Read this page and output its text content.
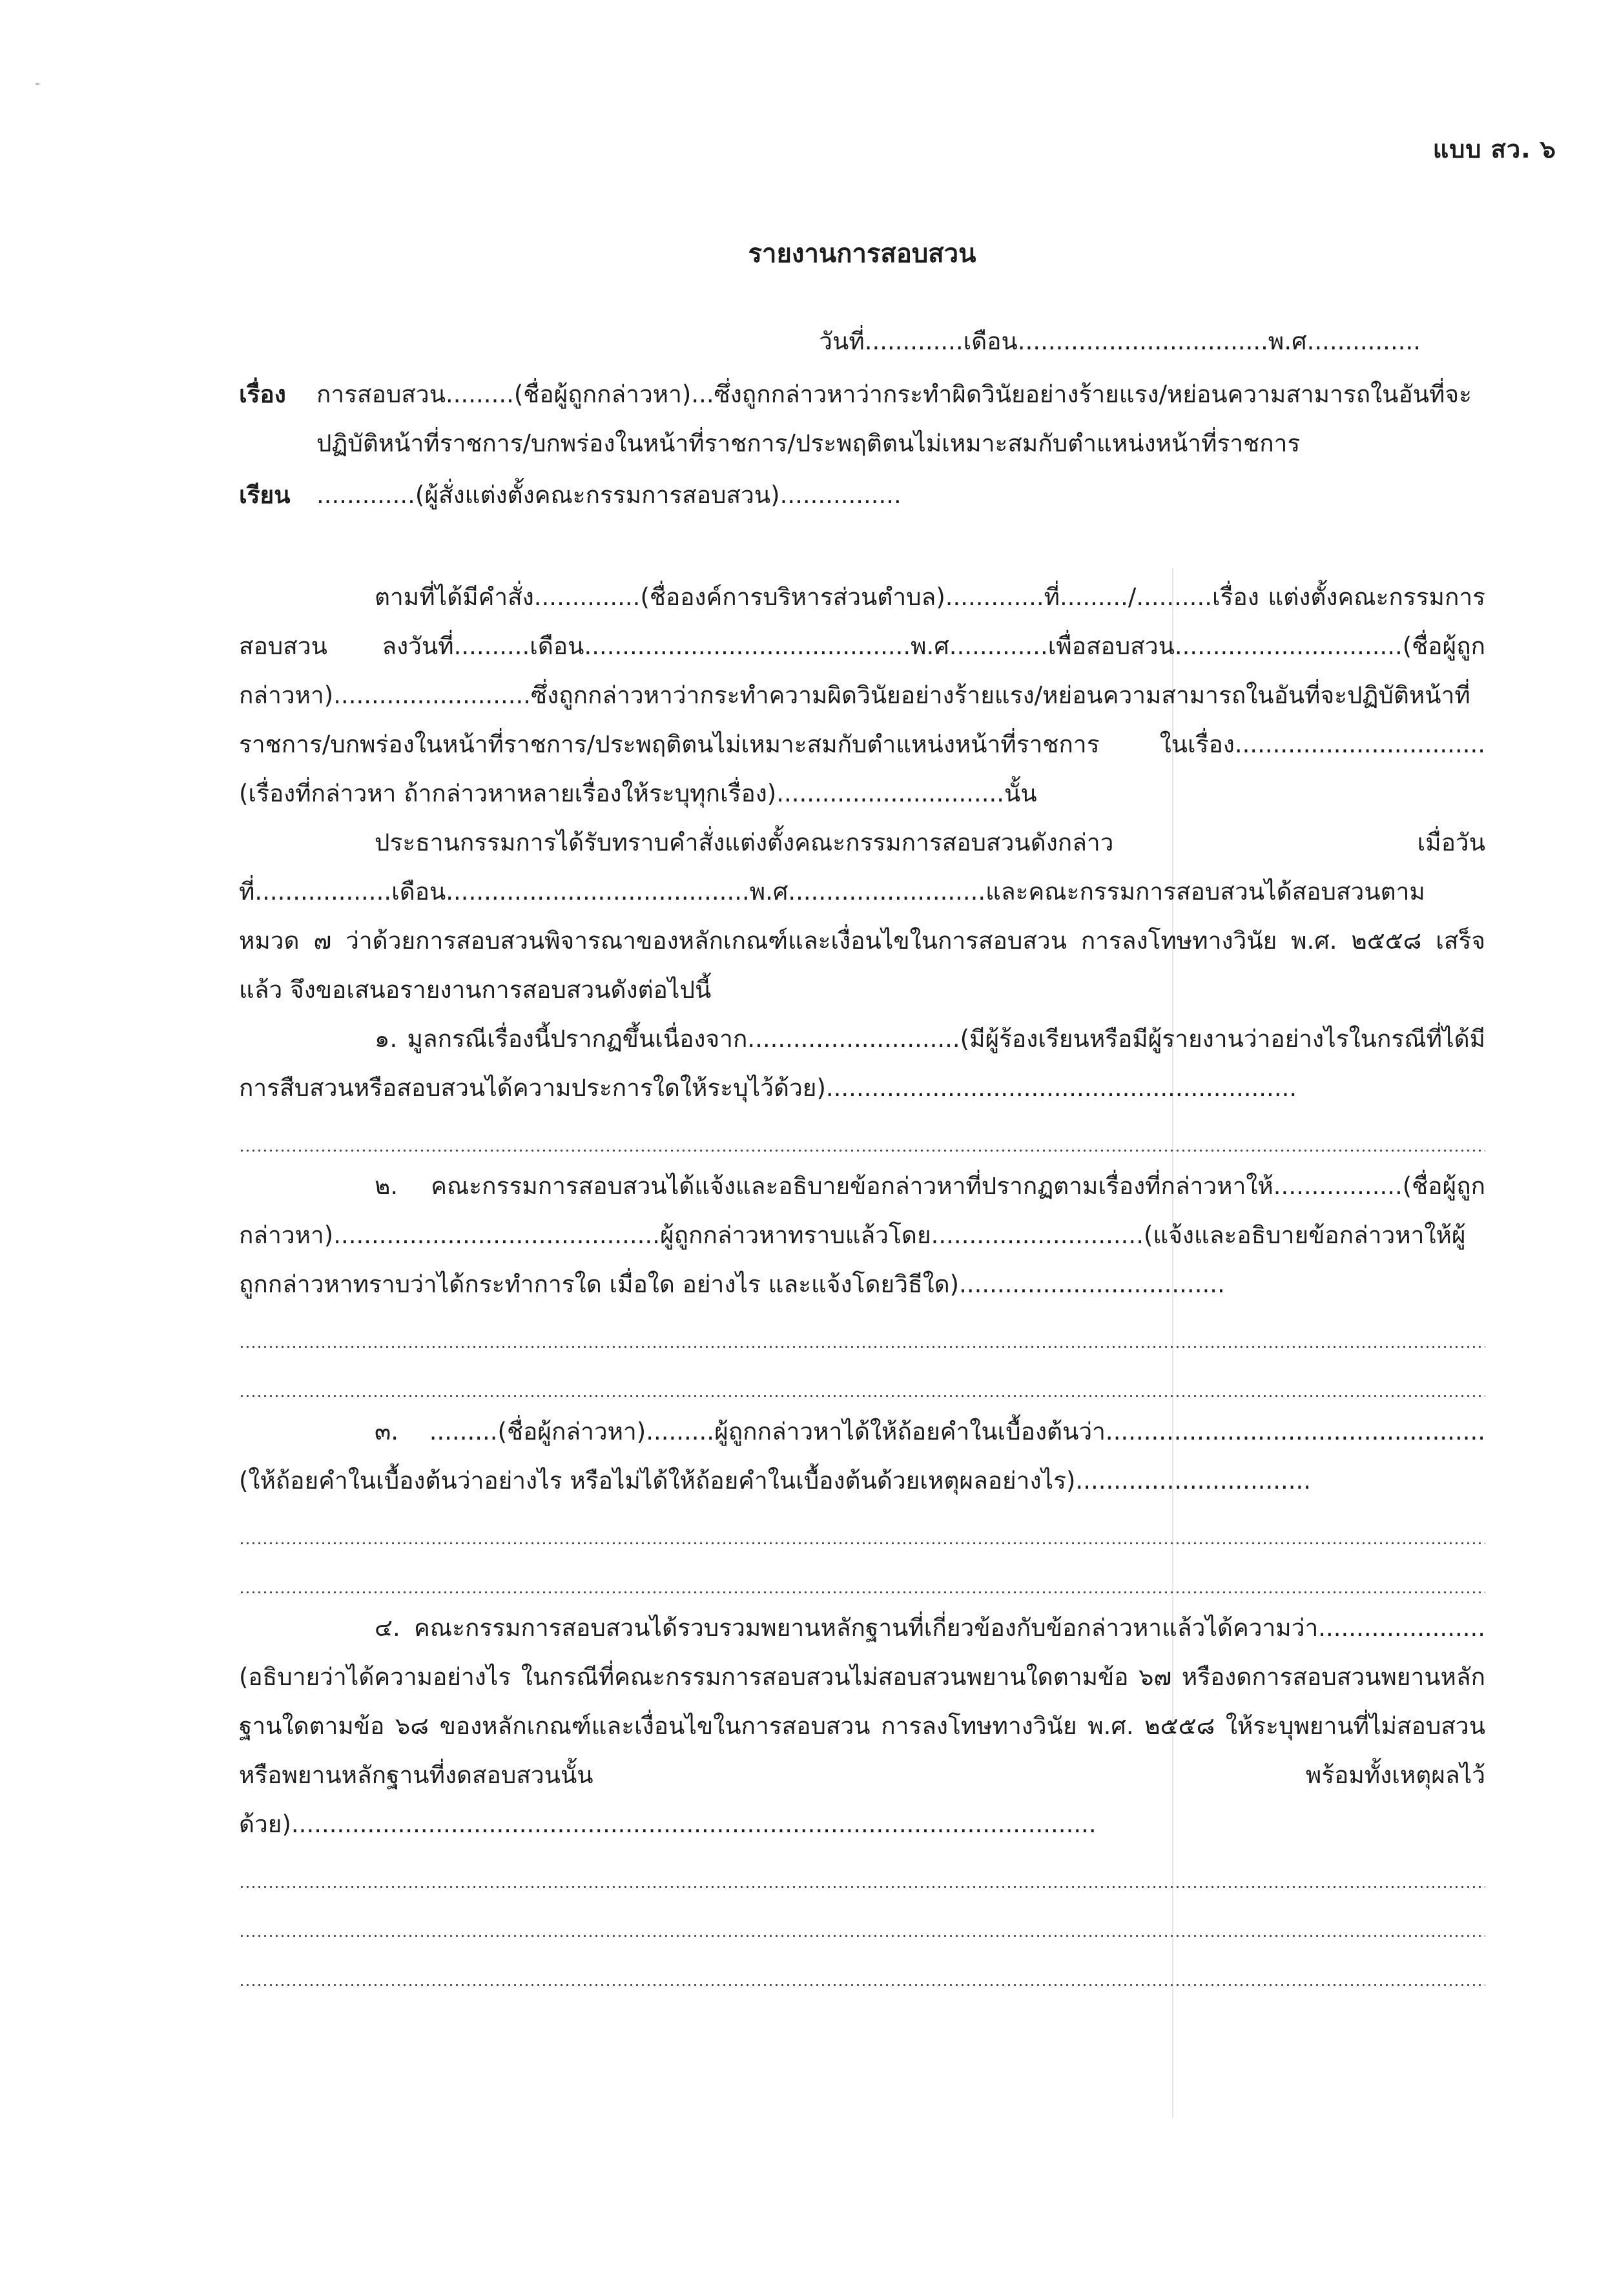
แบบ สว. ๖
รายงานการสอบสวน
วันที่.............เดือน.................................พ.ศ...............
เรื่อง	การสอบสวน.........(ชื่อผู้ถูกกล่าวหา)...ซึ่งถูกกล่าวหาว่ากระทำผิดวินัยอย่างร้ายแรง/หย่อนความสามารถในอันที่จะปฏิบัติหน้าที่ราชการ/บกพร่องในหน้าที่ราชการ/ประพฤติตนไม่เหมาะสมกับตำแหน่งหน้าที่ราชการ
เรียน	.............(ผู้สั่งแต่งตั้งคณะกรรมการสอบสวน)................

ตามที่ได้มีคำสั่ง..............(ชื่อองค์การบริหารส่วนตำบล).............ที่........./..........เรื่อง แต่งตั้งคณะกรรมการสอบสวน ลงวันที่..........เดือน...........................................พ.ศ.............เพื่อสอบสวน..............................(ชื่อผู้ถูกกล่าวหา)..........................ซึ่งถูกกล่าวหาว่ากระทำความผิดวินัยอย่างร้ายแรง/หย่อนความสามารถในอันที่จะปฏิบัติหน้าที่ราชการ/บกพร่องในหน้าที่ราชการ/ประพฤติตนไม่เหมาะสมกับตำแหน่งหน้าที่ราชการ ในเรื่อง.................................(เรื่องที่กล่าวหา ถ้ากล่าวหาหลายเรื่องให้ระบุทุกเรื่อง)..............................นั้น

ประธานกรรมการได้รับทราบคำสั่งแต่งตั้งคณะกรรมการสอบสวนดังกล่าว เมื่อวันที่..................เดือน........................................พ.ศ..........................และคณะกรรมการสอบสวนได้สอบสวนตามหมวด ๗ ว่าด้วยการสอบสวนพิจารณาของหลักเกณฑ์และเงื่อนไขในการสอบสวน การลงโทษทางวินัย พ.ศ. ๒๕๕๘ เสร็จแล้ว จึงขอเสนอรายงานการสอบสวนดังต่อไปนี้

๑. มูลกรณีเรื่องนี้ปรากฏขึ้นเนื่องจาก............................(มีผู้ร้องเรียนหรือมีผู้รายงานว่าอย่างไรในกรณีที่ได้มีการสืบสวนหรือสอบสวนได้ความประการใดให้ระบุไว้ด้วย)..............................................................

๒. คณะกรรมการสอบสวนได้แจ้งและอธิบายข้อกล่าวหาที่ปรากฏตามเรื่องที่กล่าวหาให้.................(ชื่อผู้ถูกกล่าวหา)...........................................ผู้ถูกกล่าวหาทราบแล้วโดย............................(แจ้งและอธิบายข้อกล่าวหาให้ผู้ถูกกล่าวหาทราบว่าได้กระทำการใด เมื่อใด อย่างไร และแจ้งโดยวิธีใด)...................................

๓. .........(ชื่อผู้กล่าวหา).........ผู้ถูกกล่าวหาได้ให้ถ้อยคำในเบื้องต้นว่า..................................................(ให้ถ้อยคำในเบื้องต้นว่าอย่างไร หรือไม่ได้ให้ถ้อยคำในเบื้องต้นด้วยเหตุผลอย่างไร)...............................

๔. คณะกรรมการสอบสวนได้รวบรวมพยานหลักฐานที่เกี่ยวข้องกับข้อกล่าวหาแล้วได้ความว่า......................(อธิบายว่าได้ความอย่างไร ในกรณีที่คณะกรรมการสอบสวนไม่สอบสวนพยานใดตามข้อ ๖๗ หรืองดการสอบสวนพยานหลักฐานใดตามข้อ ๖๘ ของหลักเกณฑ์และเงื่อนไขในการสอบสวน การลงโทษทางวินัย พ.ศ. ๒๕๕๘ ให้ระบุพยานที่ไม่สอบสวนหรือพยานหลักฐานที่งดสอบสวนนั้น พร้อมทั้งเหตุผลไว้ด้วย)..........................................................................................................
